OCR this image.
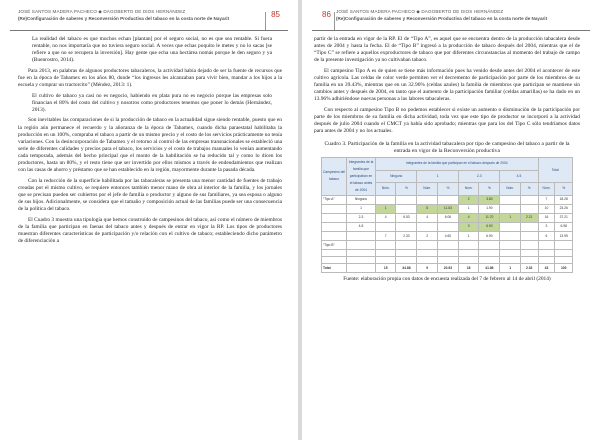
JOSÉ SANTOS MADERA PACHECO ◆ DAGOBERTO DE DIOS HERNÁNDEZ
(Re)Configuración de saberes y Reconversión Productiva del tabaco en la costa norte de Nayarit	85

La realidad del tabaco es que muchos echan [plantan] por el seguro social, no es que sea rentable. Si fuera rentable, no nos importaría que no tuviera seguro social. A veces que echas poquito le metes y no lo sacas [se refiere a que no se recupera la inversión]. Hay gente que echa una hectárea nomás porque le den seguro y ya (Buenrostro, 2014).

Para 2013, en palabras de algunos productores tabacaleros, la actividad había dejado de ser la fuente de recursos que fue en la época de Tabamex en los años 80, donde “los ingresos les alcanzaban para vivir bien, mandar a los hijos a la escuela y comprar un tractorcito” (Méndez, 2013: 1).

El cultivo de tabaco ya casi no es negocio, habiendo en plata pura no es negocio porque las empresas solo financian el 80% del costo del cultivo y nosotros como productores tenemos que poner lo demás (Hernández, 2013).

Son inevitables las comparaciones de si la producción de tabaco en la actualidad sigue siendo rentable, puesto que en la región aún permanece el recuerdo y la añoranza de la época de Tabamex, cuando dicha paraestatal habilitaba la producción en un 100%, compraba el tabaco a partir de un mismo precio y el costo de los servicios prácticamente no tenía variaciones. Con la desincorporación de Tabamex y el retorno al control de las empresas transnacionales se estableció una serie de diferentes calidades y precios para el tabaco, los servicios y el costo de trabajos manuales lo venían aumentando cada temporada, además del hecho principal que el monto de la habilitación se ha reducido tal y como lo dicen los productores, hasta un 80%, y el resto tiene que ser invertido por ellos mismos a través de endeudamientos que realizan con las casas de ahorro y préstamo que se han establecido en la región, mayormente durante la pasada década.

Con la reducción de la superficie habilitada por las tabacaleras se presenta una menor cantidad de fuentes de trabajo creadas por el mismo cultivo, se requiere entonces también menor mano de obra al interior de la familia, y los jornales que se precisan pueden ser cubiertos por el jefe de familia o productor y alguno de sus familiares, ya sea esposa o alguno de sus hijos. Adicionalmente, se considera que el tamaño y composición actual de las familias puede ser una consecuencia de la política del tabaco.

El Cuadro 3 muestra una tipología que hemos construido de campesinos del tabaco, así como el número de miembros de la familia que participan en faenas del tabaco antes y después de entrar en vigor la RP. Los tipos de productores muestran diferentes características de participación y/o relación con el cultivo de tabaco; estableciendo dicho parámetro de diferenciación a

86	JOSÉ SANTOS MADERA PACHECO ◆ DAGOBERTO DE DIOS HERNÁNDEZ
(Re)Configuración de saberes y Reconversión Productiva del tabaco en la costa norte de Nayarit

partir de la entrada en vigor de la RP. El de “Tipo A”, es aquel que se encuentra dentro de la producción tabacalera desde antes de 2004 y hasta la fecha. El de “Tipo B” ingresó a la producción de tabaco después del 2004, mientras que el de “Tipo C” se refiere a aquellos exproductores de tabaco que por diferentes circunstancias al momento del trabajo de campo de la presente investigación ya no cultivaban tabaco.

El campesino Tipo A es de quien se tiene más información pues ha venido desde antes del 2004 el acontecer de este cultivo agrícola. Las celdas de color verde permiten ver el decremento de participación por parte de los miembros de su familia en un 39.43%, mientras que en un 32.96% (celdas azules) la familia de miembros que participan se mantiene sin cambios antes y después de 2004, en tanto que el aumento de la participación familiar (celdas amarillas) se ha dado en un 13.96% adhiriéndose nuevas personas a las labores tabacaleras.

Con respecto al campesino Tipo B no podemos establecer si existe un aumento o disminución de la participación por parte de los miembros de su familia en dicha actividad, toda vez que este tipo de productor se incorporó a la actividad después de julio 2004 cuando el CMCT ya había sido aprobado; mientras que para los del Tipo C sólo tendríamos datos para antes de 2004 y no los actuales.

Cuadro 3. Participación de la familia en la actividad tabacalera por tipo de campesino del tabaco a partir de la entrada en vigor de la Reconversión productiva
Campesino del tabaco	Integrantes de la familia que participaban en el tabaco antes de 2004	Integrantes de la familia que participan en el tabaco después de 2004								Total	
		Ninguno		1		2-3		4-5			
		Núm.	%	Núm.	%	Núm.	%	Núm.	%	Núm.	%
“Tipo A”	Ninguno					2	3.80			7	18.28
	1	1		8	11.63	1	1.90			10	23.26
	2-3	4	6.53	4	6.06	4	11.70	1	2.21	16	37.21
	4-5					3	6.90			3	6.98
		7	2.33	2	4.60	1	6.90			6	13.95
“Tipo B”											

Total		15	34.88	9	20.93	18	41.86	1	2.33	43	100
Fuente: elaboración propia con datos de encuesta realizada del 7 de febrero al 14 de abril (2014)
